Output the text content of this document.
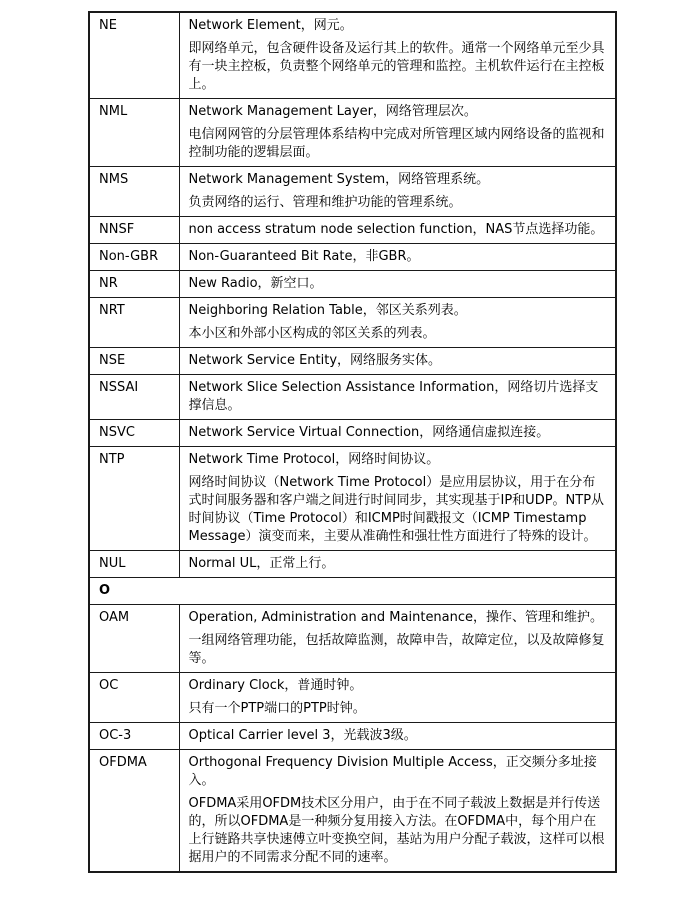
NE	Network Element，网元。

即网络单元，包含硬件设备及运行其上的软件。通常一个网络单元至少具有一块主控板，负责整个网络单元的管理和监控。主机软件运行在主控板上。

NML	Network Management Layer，网络管理层次。

电信网网管的分层管理体系结构中完成对所管理区域内网络设备的监视和控制功能的逻辑层面。

NMS	Network Management System，网络管理系统。

负责网络的运行、管理和维护功能的管理系统。

NNSF	non access stratum node selection function，NAS节点选择功能。

Non-GBR	Non-Guaranteed Bit Rate，非GBR。

NR	New Radio，新空口。

NRT	Neighboring Relation Table，邻区关系列表。

本小区和外部小区构成的邻区关系的列表。

NSE	Network Service Entity，网络服务实体。

NSSAI	Network Slice Selection Assistance Information，网络切片选择支撑信息。

NSVC	Network Service Virtual Connection，网络通信虚拟连接。

NTP	Network Time Protocol，网络时间协议。

网络时间协议（Network Time Protocol）是应用层协议，用于在分布式时间服务器和客户端之间进行时间同步，其实现基于IP和UDP。NTP从时间协议（Time Protocol）和ICMP时间戳报文（ICMP Timestamp Message）演变而来，主要从准确性和强壮性方面进行了特殊的设计。

NUL	Normal UL，正常上行。

O	
OAM	Operation, Administration and Maintenance，操作、管理和维护。

一组网络管理功能，包括故障监测，故障申告，故障定位，以及故障修复等。

OC	Ordinary Clock，普通时钟。

只有一个PTP端口的PTP时钟。

OC-3	Optical Carrier level 3，光载波3级。

OFDMA	Orthogonal Frequency Division Multiple Access，正交频分多址接入。

OFDMA采用OFDM技术区分用户，由于在不同子载波上数据是并行传送的，所以OFDMA是一种频分复用接入方法。在OFDMA中，每个用户在上行链路共享快速傅立叶变换空间，基站为用户分配子载波，这样可以根据用户的不同需求分配不同的速率。
